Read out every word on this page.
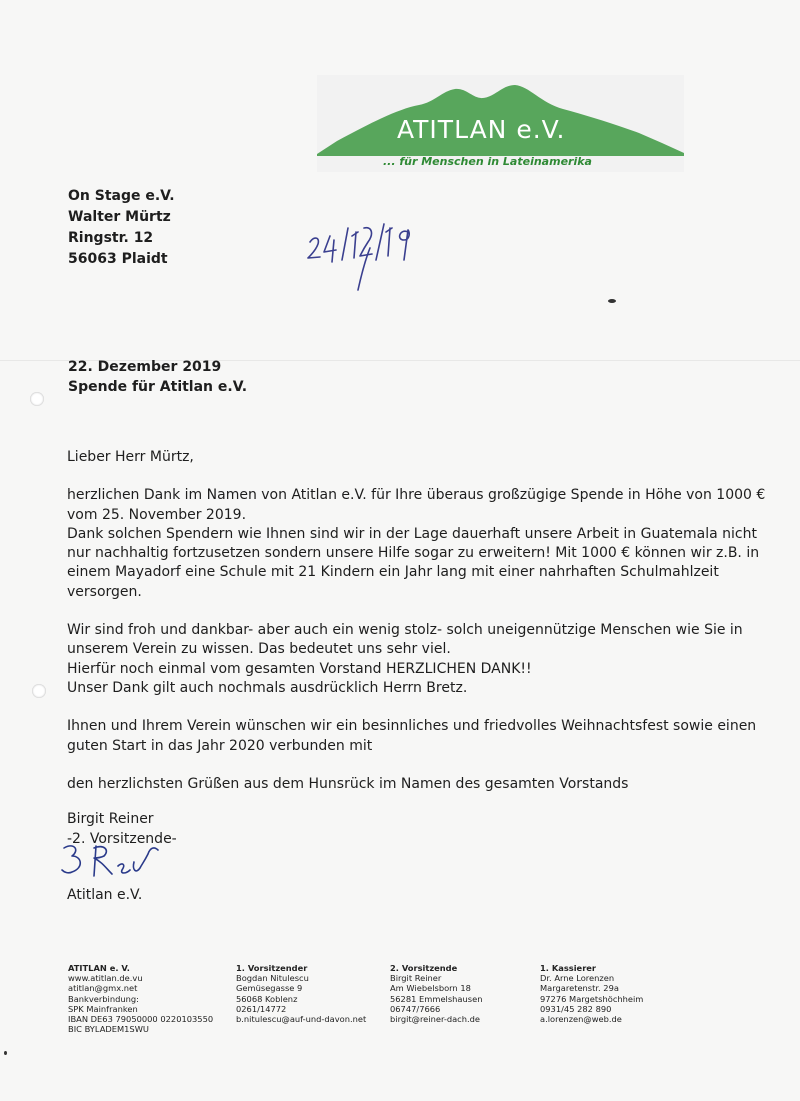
ATITLAN e.V.
... für Menschen in Lateinamerika
On Stage e.V.
Walter Mürtz
Ringstr. 12
56063 Plaidt
22. Dezember 2019
Spende für Atitlan e.V.

Lieber Herr Mürtz,

herzlichen Dank im Namen von Atitlan e.V. für Ihre überaus großzügige Spende in Höhe von 1000 €
vom 25. November 2019.
Dank solchen Spendern wie Ihnen sind wir in der Lage dauerhaft unsere Arbeit in Guatemala nicht
nur nachhaltig fortzusetzen sondern unsere Hilfe sogar zu erweitern! Mit 1000 € können wir z.B. in
einem Mayadorf eine Schule mit 21 Kindern ein Jahr lang mit einer nahrhaften Schulmahlzeit
versorgen.
Wir sind froh und dankbar- aber auch ein wenig stolz- solch uneigennützige Menschen wie Sie in
unserem Verein zu wissen. Das bedeutet uns sehr viel.
Hierfür noch einmal vom gesamten Vorstand HERZLICHEN DANK!!
Unser Dank gilt auch nochmals ausdrücklich Herrn Bretz.
Ihnen und Ihrem Verein wünschen wir ein besinnliches und friedvolles Weihnachtsfest sowie einen
guten Start in das Jahr 2020 verbunden mit
den herzlichsten Grüßen aus dem Hunsrück im Namen des gesamten Vorstands
Birgit Reiner
-2. Vorsitzende-
Atitlan e.V.
ATITLAN e. V.
www.atitlan.de.vu
atitlan@gmx.net
Bankverbindung:
SPK Mainfranken
IBAN DE63 79050000 0220103550
BIC BYLADEM1SWU
1. Vorsitzender
Bogdan Nitulescu
Gemüsegasse 9
56068 Koblenz
0261/14772
b.nitulescu@auf-und-davon.net
2. Vorsitzende
Birgit Reiner
Am Wiebelsborn 18
56281 Emmelshausen
06747/7666
birgit@reiner-dach.de
1. Kassierer
Dr. Arne Lorenzen
Margaretenstr. 29a
97276 Margetshöchheim
0931/45 282 890
a.lorenzen@web.de
